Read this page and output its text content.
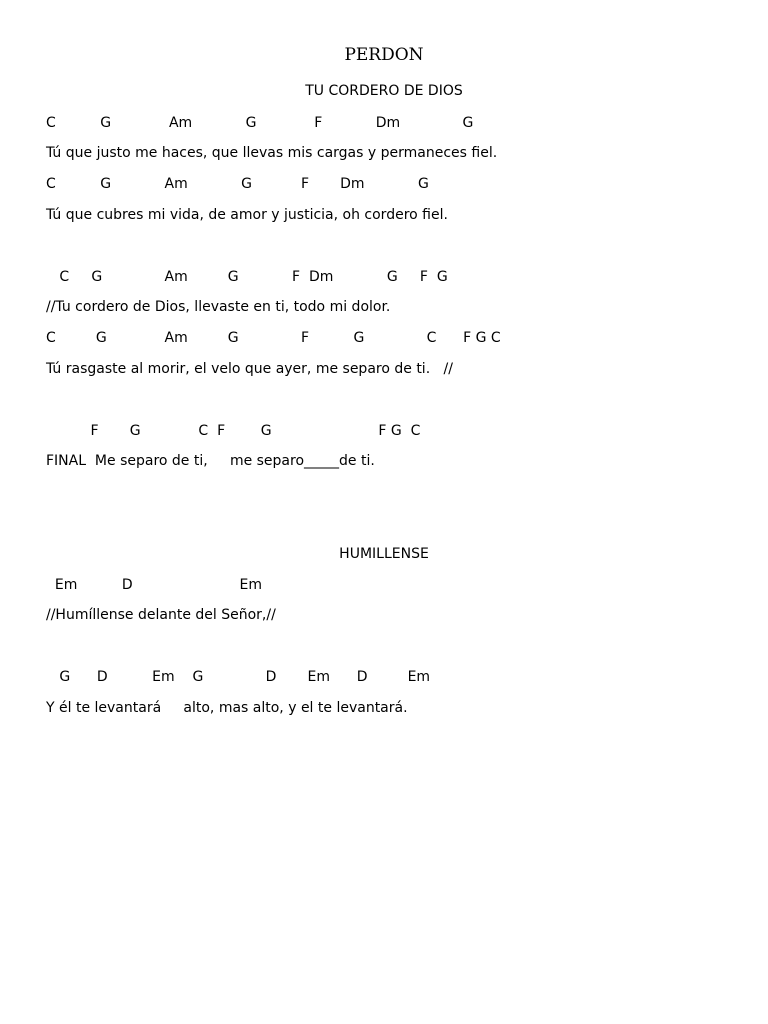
PERDON
TU CORDERO DE DIOS
C          G             Am            G             F            Dm              G
Tú que justo me haces, que llevas mis cargas y permaneces fiel.
C          G            Am            G           F       Dm            G
Tú que cubres mi vida, de amor y justicia, oh cordero fiel.
C     G              Am         G            F  Dm            G     F  G
//Tu cordero de Dios, llevaste en ti, todo mi dolor.
C         G             Am         G              F          G              C      F G C
Tú rasgaste al morir, el velo que ayer, me separo de ti.   //
F       G             C  F        G                        F G  C
FINAL  Me separo de ti,     me separo_____de ti.
HUMILLENSE
Em          D                        Em
//Humíllense delante del Señor,//
G      D          Em    G              D       Em      D         Em
Y él te levantará     alto, mas alto, y el te levantará.
